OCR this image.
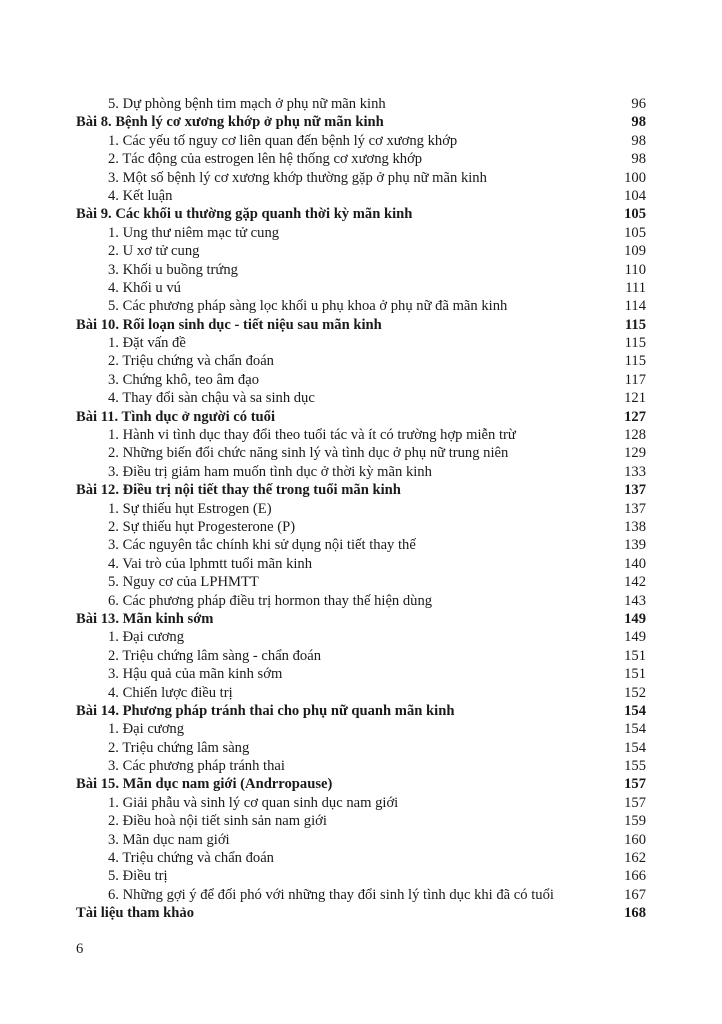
5. Dự phòng bệnh tim mạch ở phụ nữ mãn kinh	96
Bài 8. Bệnh lý cơ xương khớp ở phụ nữ mãn kinh	98
1. Các yếu tố nguy cơ liên quan đến bệnh lý cơ xương khớp	98
2. Tác động của estrogen lên hệ thống cơ xương khớp	98
3. Một số bệnh lý cơ xương khớp thường gặp ở phụ nữ mãn kinh	100
4. Kết luận	104
Bài 9. Các khối u thường gặp quanh thời kỳ mãn kinh	105
1. Ung thư niêm mạc tử cung	105
2. U xơ tử cung	109
3. Khối u buồng trứng	110
4. Khối u vú	111
5. Các phương pháp sàng lọc khối u phụ khoa ở phụ nữ đã mãn kinh	114
Bài 10. Rối loạn sinh dục - tiết niệu sau mãn kinh	115
1. Đặt vấn đề	115
2. Triệu chứng và chẩn đoán	115
3. Chứng khô, teo âm đạo	117
4. Thay đổi sàn chậu và sa sinh dục	121
Bài 11. Tình dục ở người có tuổi	127
1. Hành vi tình dục thay đổi theo tuổi tác và ít có trường hợp miễn trừ	128
2. Những biến đổi chức năng sinh lý và tình dục ở phụ nữ trung niên	129
3. Điều trị giảm ham muốn tình dục ở thời kỳ mãn kinh	133
Bài 12. Điều trị nội tiết thay thế trong tuổi mãn kinh	137
1. Sự thiếu hụt Estrogen (E)	137
2. Sự thiếu hụt Progesterone (P)	138
3. Các nguyên tắc chính khi sử dụng nội tiết thay thế	139
4. Vai trò của lphmtt tuổi mãn kinh	140
5. Nguy cơ của LPHMTT	142
6. Các phương pháp điều trị hormon thay thế hiện dùng	143
Bài 13. Mãn kinh sớm	149
1. Đại cương	149
2. Triệu chứng lâm sàng - chẩn đoán	151
3. Hậu quả của mãn kinh sớm	151
4. Chiến lược điều trị	152
Bài 14. Phương pháp tránh thai cho phụ nữ quanh mãn kinh	154
1. Đại cương	154
2. Triệu chứng lâm sàng	154
3. Các phương pháp tránh thai	155
Bài 15. Mãn dục nam giới (Andrropause)	157
1. Giải phẫu và sinh lý cơ quan sinh dục nam giới	157
2. Điều hoà nội tiết sinh sản nam giới	159
3. Mãn dục nam giới	160
4. Triệu chứng và chẩn đoán	162
5. Điều trị	166
6. Những gợi ý để đối phó với những thay đổi sinh lý tình dục khi đã có tuổi	167
Tài liệu tham khảo	168
6
